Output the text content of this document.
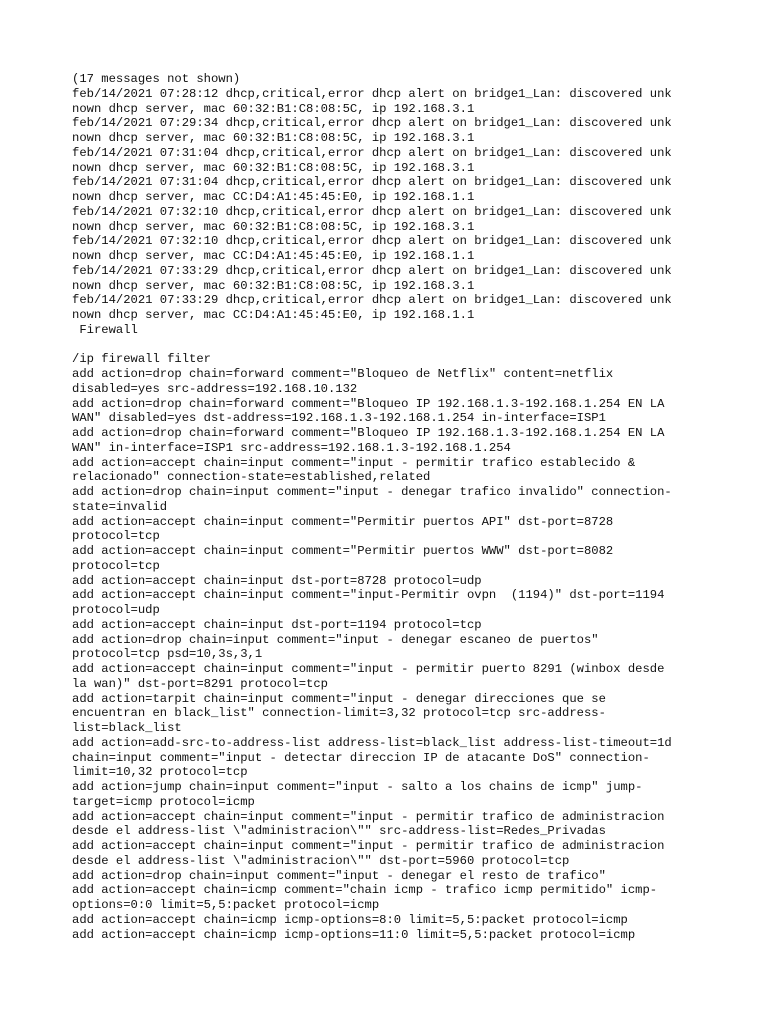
(17 messages not shown)
feb/14/2021 07:28:12 dhcp,critical,error dhcp alert on bridge1_Lan: discovered unk
nown dhcp server, mac 60:32:B1:C8:08:5C, ip 192.168.3.1
feb/14/2021 07:29:34 dhcp,critical,error dhcp alert on bridge1_Lan: discovered unk
nown dhcp server, mac 60:32:B1:C8:08:5C, ip 192.168.3.1
feb/14/2021 07:31:04 dhcp,critical,error dhcp alert on bridge1_Lan: discovered unk
nown dhcp server, mac 60:32:B1:C8:08:5C, ip 192.168.3.1
feb/14/2021 07:31:04 dhcp,critical,error dhcp alert on bridge1_Lan: discovered unk
nown dhcp server, mac CC:D4:A1:45:45:E0, ip 192.168.1.1
feb/14/2021 07:32:10 dhcp,critical,error dhcp alert on bridge1_Lan: discovered unk
nown dhcp server, mac 60:32:B1:C8:08:5C, ip 192.168.3.1
feb/14/2021 07:32:10 dhcp,critical,error dhcp alert on bridge1_Lan: discovered unk
nown dhcp server, mac CC:D4:A1:45:45:E0, ip 192.168.1.1
feb/14/2021 07:33:29 dhcp,critical,error dhcp alert on bridge1_Lan: discovered unk
nown dhcp server, mac 60:32:B1:C8:08:5C, ip 192.168.3.1
feb/14/2021 07:33:29 dhcp,critical,error dhcp alert on bridge1_Lan: discovered unk
nown dhcp server, mac CC:D4:A1:45:45:E0, ip 192.168.1.1
Firewall
/ip firewall filter
add action=drop chain=forward comment="Bloqueo de Netflix" content=netflix
disabled=yes src-address=192.168.10.132
add action=drop chain=forward comment="Bloqueo IP 192.168.1.3-192.168.1.254 EN LA
WAN" disabled=yes dst-address=192.168.1.3-192.168.1.254 in-interface=ISP1
add action=drop chain=forward comment="Bloqueo IP 192.168.1.3-192.168.1.254 EN LA
WAN" in-interface=ISP1 src-address=192.168.1.3-192.168.1.254
add action=accept chain=input comment="input - permitir trafico establecido &
relacionado" connection-state=established,related
add action=drop chain=input comment="input - denegar trafico invalido" connection-
state=invalid
add action=accept chain=input comment="Permitir puertos API" dst-port=8728
protocol=tcp
add action=accept chain=input comment="Permitir puertos WWW" dst-port=8082
protocol=tcp
add action=accept chain=input dst-port=8728 protocol=udp
add action=accept chain=input comment="input-Permitir ovpn  (1194)" dst-port=1194
protocol=udp
add action=accept chain=input dst-port=1194 protocol=tcp
add action=drop chain=input comment="input - denegar escaneo de puertos"
protocol=tcp psd=10,3s,3,1
add action=accept chain=input comment="input - permitir puerto 8291 (winbox desde
la wan)" dst-port=8291 protocol=tcp
add action=tarpit chain=input comment="input - denegar direcciones que se
encuentran en black_list" connection-limit=3,32 protocol=tcp src-address-
list=black_list
add action=add-src-to-address-list address-list=black_list address-list-timeout=1d
chain=input comment="input - detectar direccion IP de atacante DoS" connection-
limit=10,32 protocol=tcp
add action=jump chain=input comment="input - salto a los chains de icmp" jump-
target=icmp protocol=icmp
add action=accept chain=input comment="input - permitir trafico de administracion
desde el address-list \"administracion\"" src-address-list=Redes_Privadas
add action=accept chain=input comment="input - permitir trafico de administracion
desde el address-list \"administracion\"" dst-port=5960 protocol=tcp
add action=drop chain=input comment="input - denegar el resto de trafico"
add action=accept chain=icmp comment="chain icmp - trafico icmp permitido" icmp-
options=0:0 limit=5,5:packet protocol=icmp
add action=accept chain=icmp icmp-options=8:0 limit=5,5:packet protocol=icmp
add action=accept chain=icmp icmp-options=11:0 limit=5,5:packet protocol=icmp
